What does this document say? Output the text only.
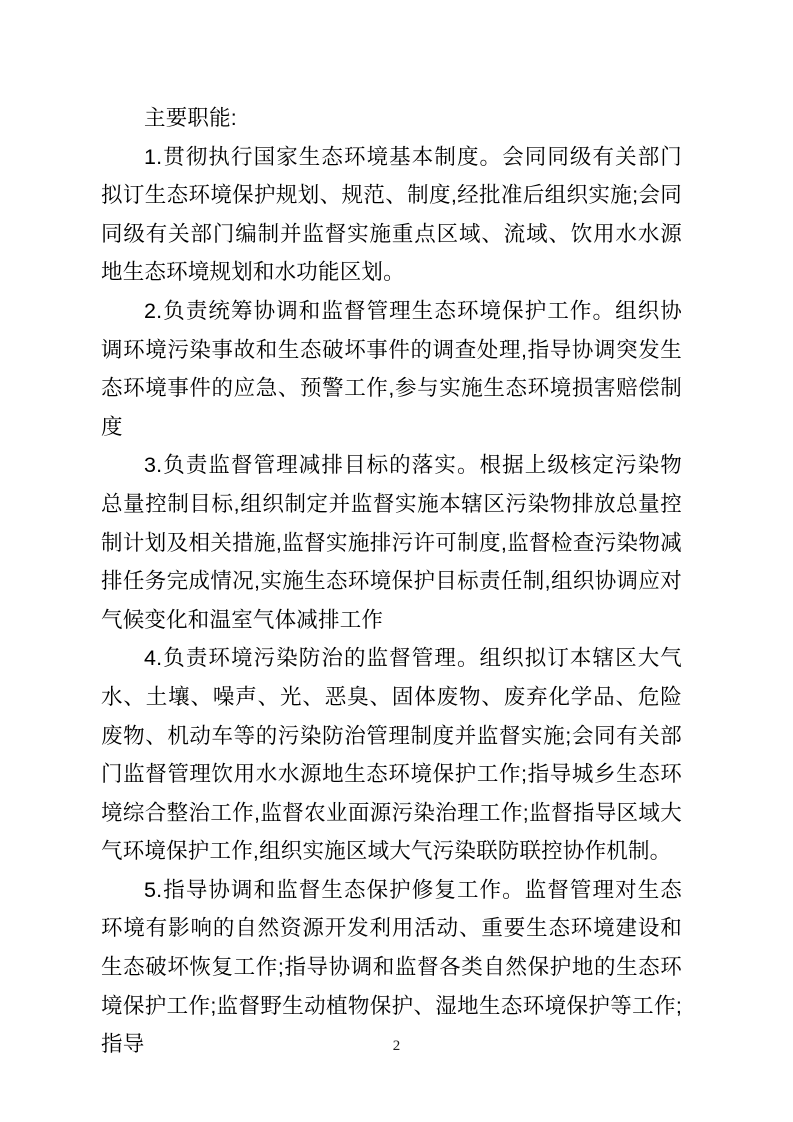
主要职能:

1.贯彻执行国家生态环境基本制度。会同同级有关部门拟订生态环境保护规划、规范、制度,经批准后组织实施;会同同级有关部门编制并监督实施重点区域、流域、饮用水水源地生态环境规划和水功能区划。

2.负责统筹协调和监督管理生态环境保护工作。组织协调环境污染事故和生态破坏事件的调查处理,指导协调突发生态环境事件的应急、预警工作,参与实施生态环境损害赔偿制度

3.负责监督管理减排目标的落实。根据上级核定污染物总量控制目标,组织制定并监督实施本辖区污染物排放总量控制计划及相关措施,监督实施排污许可制度,监督检查污染物减排任务完成情况,实施生态环境保护目标责任制,组织协调应对气候变化和温室气体减排工作

4.负责环境污染防治的监督管理。组织拟订本辖区大气水、土壤、噪声、光、恶臭、固体废物、废弃化学品、危险废物、机动车等的污染防治管理制度并监督实施;会同有关部门监督管理饮用水水源地生态环境保护工作;指导城乡生态环境综合整治工作,监督农业面源污染治理工作;监督指导区域大气环境保护工作,组织实施区域大气污染联防联控协作机制。

5.指导协调和监督生态保护修复工作。监督管理对生态环境有影响的自然资源开发利用活动、重要生态环境建设和生态破坏恢复工作;指导协调和监督各类自然保护地的生态环境保护工作;监督野生动植物保护、湿地生态环境保护等工作;指导	2
